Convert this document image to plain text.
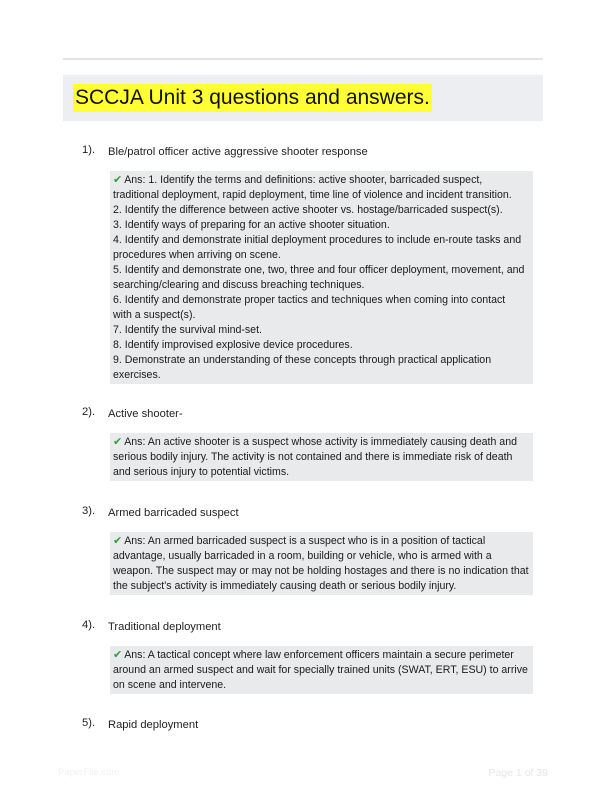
SCCJA Unit 3 questions and answers.
1). Ble/patrol officer active aggressive shooter response
✔ Ans: 1. Identify the terms and definitions: active shooter, barricaded suspect,
traditional deployment, rapid deployment, time line of violence and incident transition.
2. Identify the difference between active shooter vs. hostage/barricaded suspect(s).
3. Identify ways of preparing for an active shooter situation.
4. Identify and demonstrate initial deployment procedures to include en-route tasks and
procedures when arriving on scene.
5. Identify and demonstrate one, two, three and four officer deployment, movement, and
searching/clearing and discuss breaching techniques.
6. Identify and demonstrate proper tactics and techniques when coming into contact
with a suspect(s).
7. Identify the survival mind-set.
8. Identify improvised explosive device procedures.
9. Demonstrate an understanding of these concepts through practical application
exercises.
2). Active shooter-
✔ Ans: An active shooter is a suspect whose activity is immediately causing death and
serious bodily injury. The activity is not contained and there is immediate risk of death
and serious injury to potential victims.
3). Armed barricaded suspect
✔ Ans: An armed barricaded suspect is a suspect who is in a position of tactical
advantage, usually barricaded in a room, building or vehicle, who is armed with a
weapon. The suspect may or may not be holding hostages and there is no indication that
the subject's activity is immediately causing death or serious bodily injury.
4). Traditional deployment
✔ Ans: A tactical concept where law enforcement officers maintain a secure perimeter
around an armed suspect and wait for specially trained units (SWAT, ERT, ESU) to arrive
on scene and intervene.
5). Rapid deployment
PaperFile.com	Page 1 of 39
